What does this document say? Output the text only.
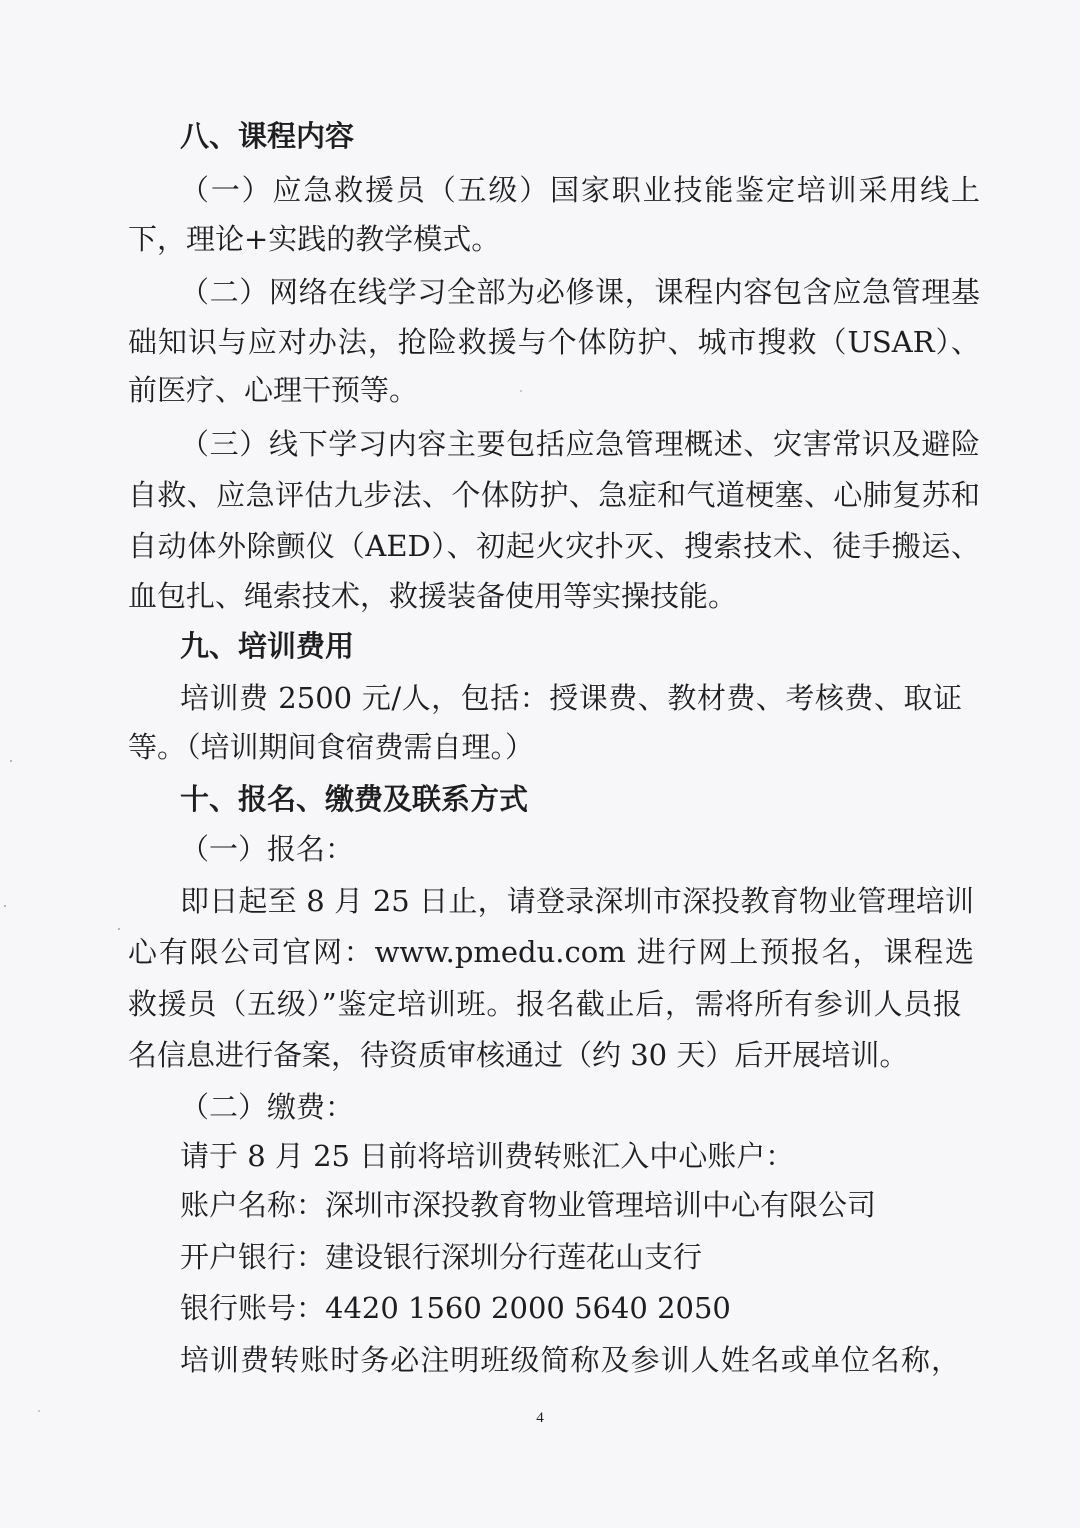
八、课程内容
（一）应急救援员（五级）国家职业技能鉴定培训采用线上
下，理论+实践的教学模式。
（二）网络在线学习全部为必修课，课程内容包含应急管理基
础知识与应对办法，抢险救援与个体防护、城市搜救（USAR）、
前医疗、心理干预等。
（三）线下学习内容主要包括应急管理概述、灾害常识及避险
自救、应急评估九步法、个体防护、急症和气道梗塞、心肺复苏和
自动体外除颤仪（AED）、初起火灾扑灭、搜索技术、徒手搬运、
血包扎、绳索技术，救援装备使用等实操技能。
九、培训费用
培训费 2500 元/人，包括：授课费、教材费、考核费、取证
等。（培训期间食宿费需自理。）
十、报名、缴费及联系方式
（一）报名：
即日起至 8 月 25 日止，请登录深圳市深投教育物业管理培训
心有限公司官网：www.pmedu.com 进行网上预报名，课程选
救援员（五级）”鉴定培训班。报名截止后，需将所有参训人员报
名信息进行备案，待资质审核通过（约 30 天）后开展培训。
（二）缴费：
请于 8 月 25 日前将培训费转账汇入中心账户：
账户名称：深圳市深投教育物业管理培训中心有限公司
开户银行：建设银行深圳分行莲花山支行
银行账号：4420 1560 2000 5640 2050
培训费转账时务必注明班级简称及参训人姓名或单位名称，
4
